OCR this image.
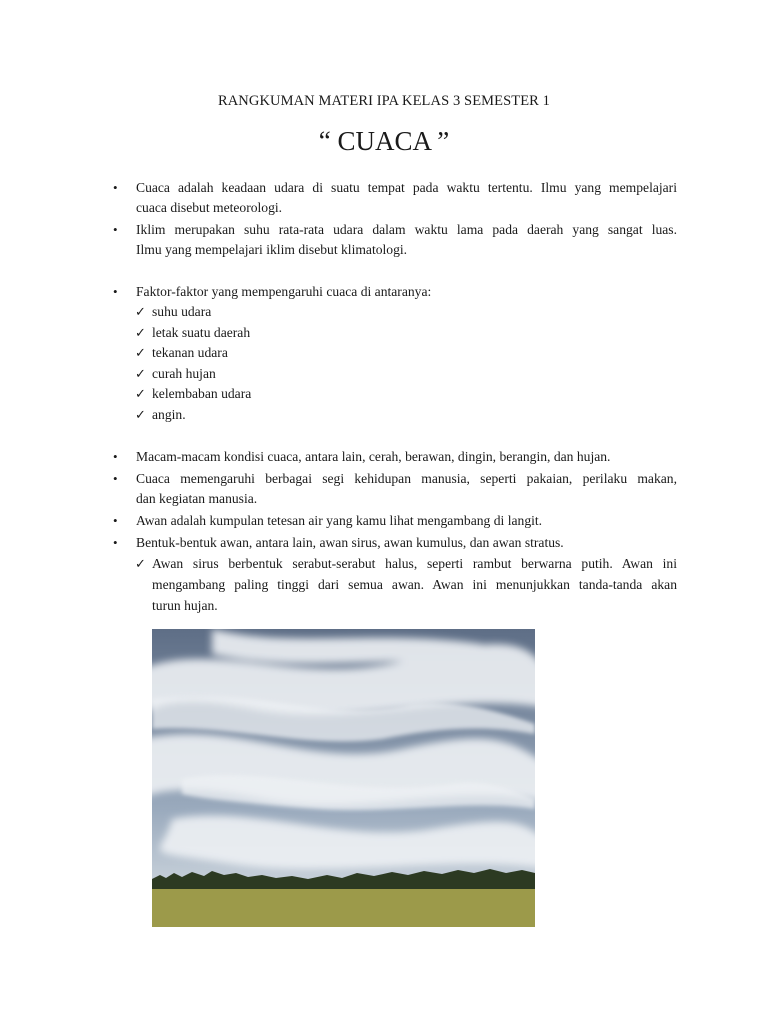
RANGKUMAN MATERI IPA KELAS 3 SEMESTER 1
“ CUACA ”
• Cuaca adalah keadaan udara di suatu tempat pada waktu tertentu. Ilmu yang mempelajari
cuaca disebut meteorologi.
• Iklim merupakan suhu rata-rata udara dalam waktu lama pada daerah yang sangat luas.
Ilmu yang mempelajari iklim disebut klimatologi.
• Faktor-faktor yang mempengaruhi cuaca di antaranya:
✓ suhu udara
✓ letak suatu daerah
✓ tekanan udara
✓ curah hujan
✓ kelembaban udara
✓ angin.
• Macam-macam kondisi cuaca, antara lain, cerah, berawan, dingin, berangin, dan hujan.
• Cuaca memengaruhi berbagai segi kehidupan manusia, seperti pakaian, perilaku makan,
dan kegiatan manusia.
• Awan adalah kumpulan tetesan air yang kamu lihat mengambang di langit.
• Bentuk-bentuk awan, antara lain, awan sirus, awan kumulus, dan awan stratus.
✓ Awan sirus berbentuk serabut-serabut halus, seperti rambut berwarna putih. Awan ini
mengambang paling tinggi dari semua awan. Awan ini menunjukkan tanda-tanda akan
turun hujan.
